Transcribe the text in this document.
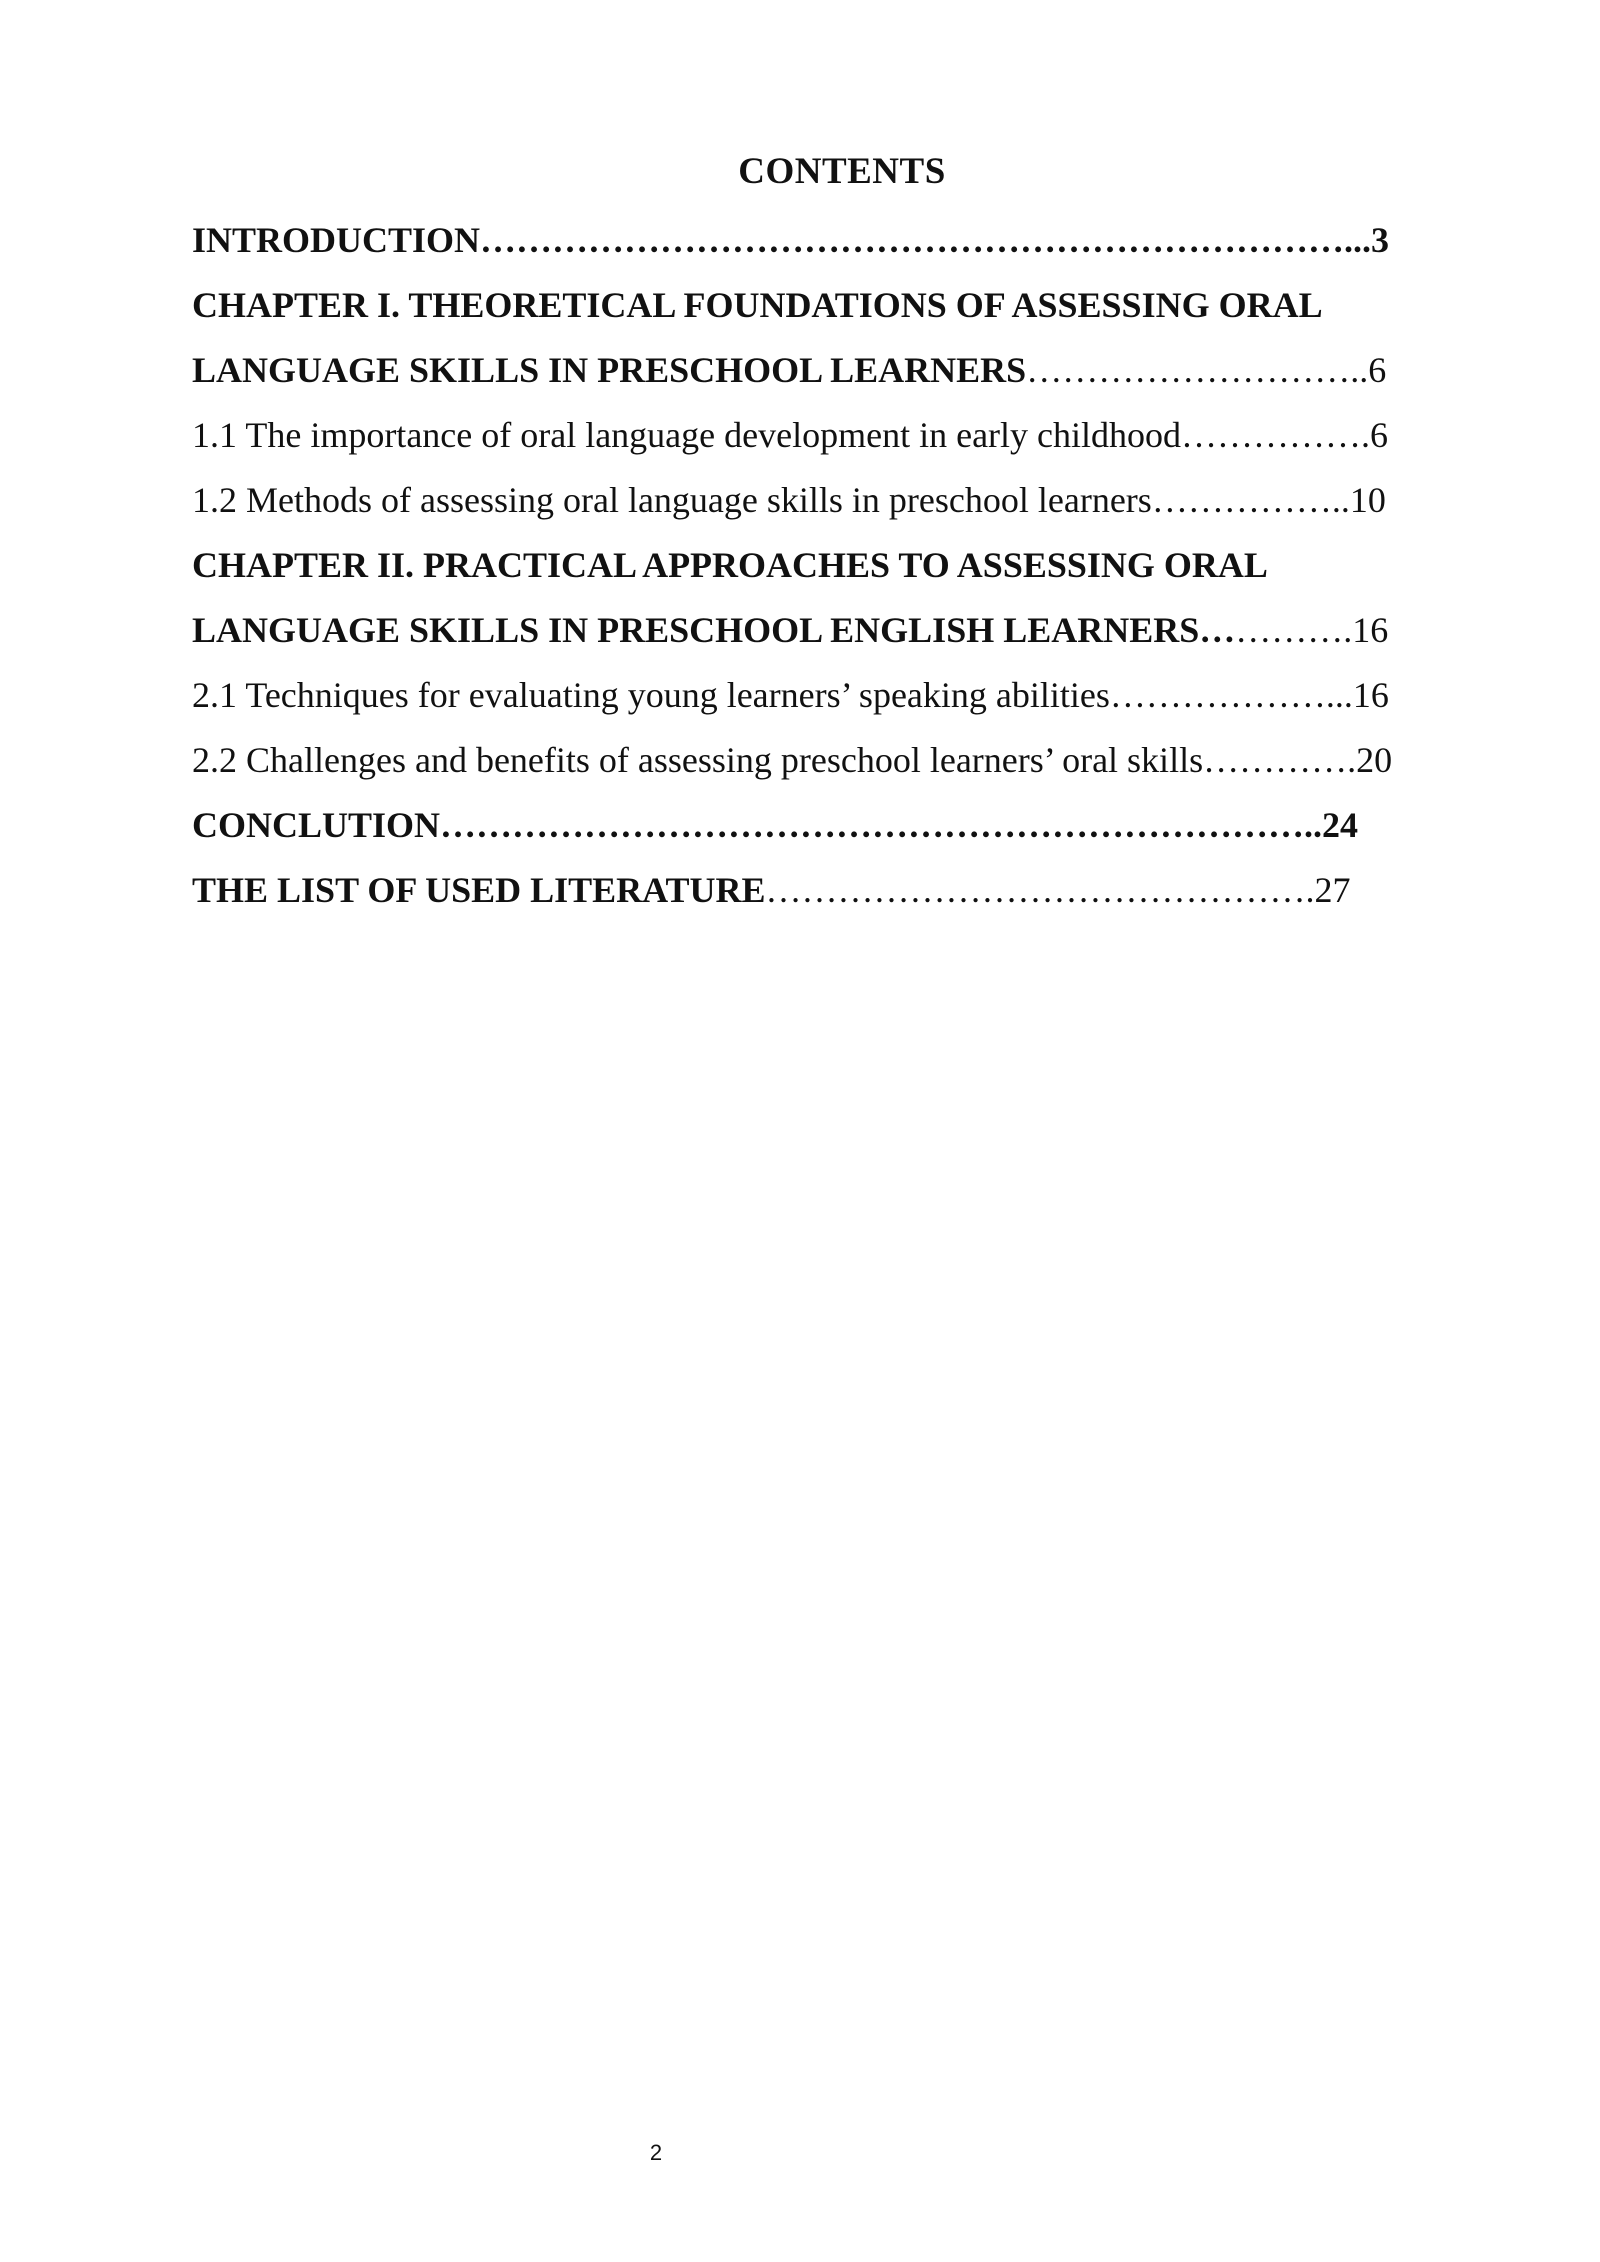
CONTENTS
INTRODUCTION………………………………………………………………...3
CHAPTER I. THEORETICAL FOUNDATIONS OF ASSESSING ORAL
LANGUAGE SKILLS IN PRESCHOOL LEARNERS………………………..6
1.1 The importance of oral language development in early childhood…………….6
1.2 Methods of assessing oral language skills in preschool learners……………..10
CHAPTER II. PRACTICAL APPROACHES TO ASSESSING ORAL
LANGUAGE SKILLS IN PRESCHOOL ENGLISH LEARNERS………….16
2.1 Techniques for evaluating young learners’ speaking abilities………………...16
2.2 Challenges and benefits of assessing preschool learners’ oral skills………….20
CONCLUTION………………………………………………………………..24
THE LIST OF USED LITERATURE……………………………………….27
2
